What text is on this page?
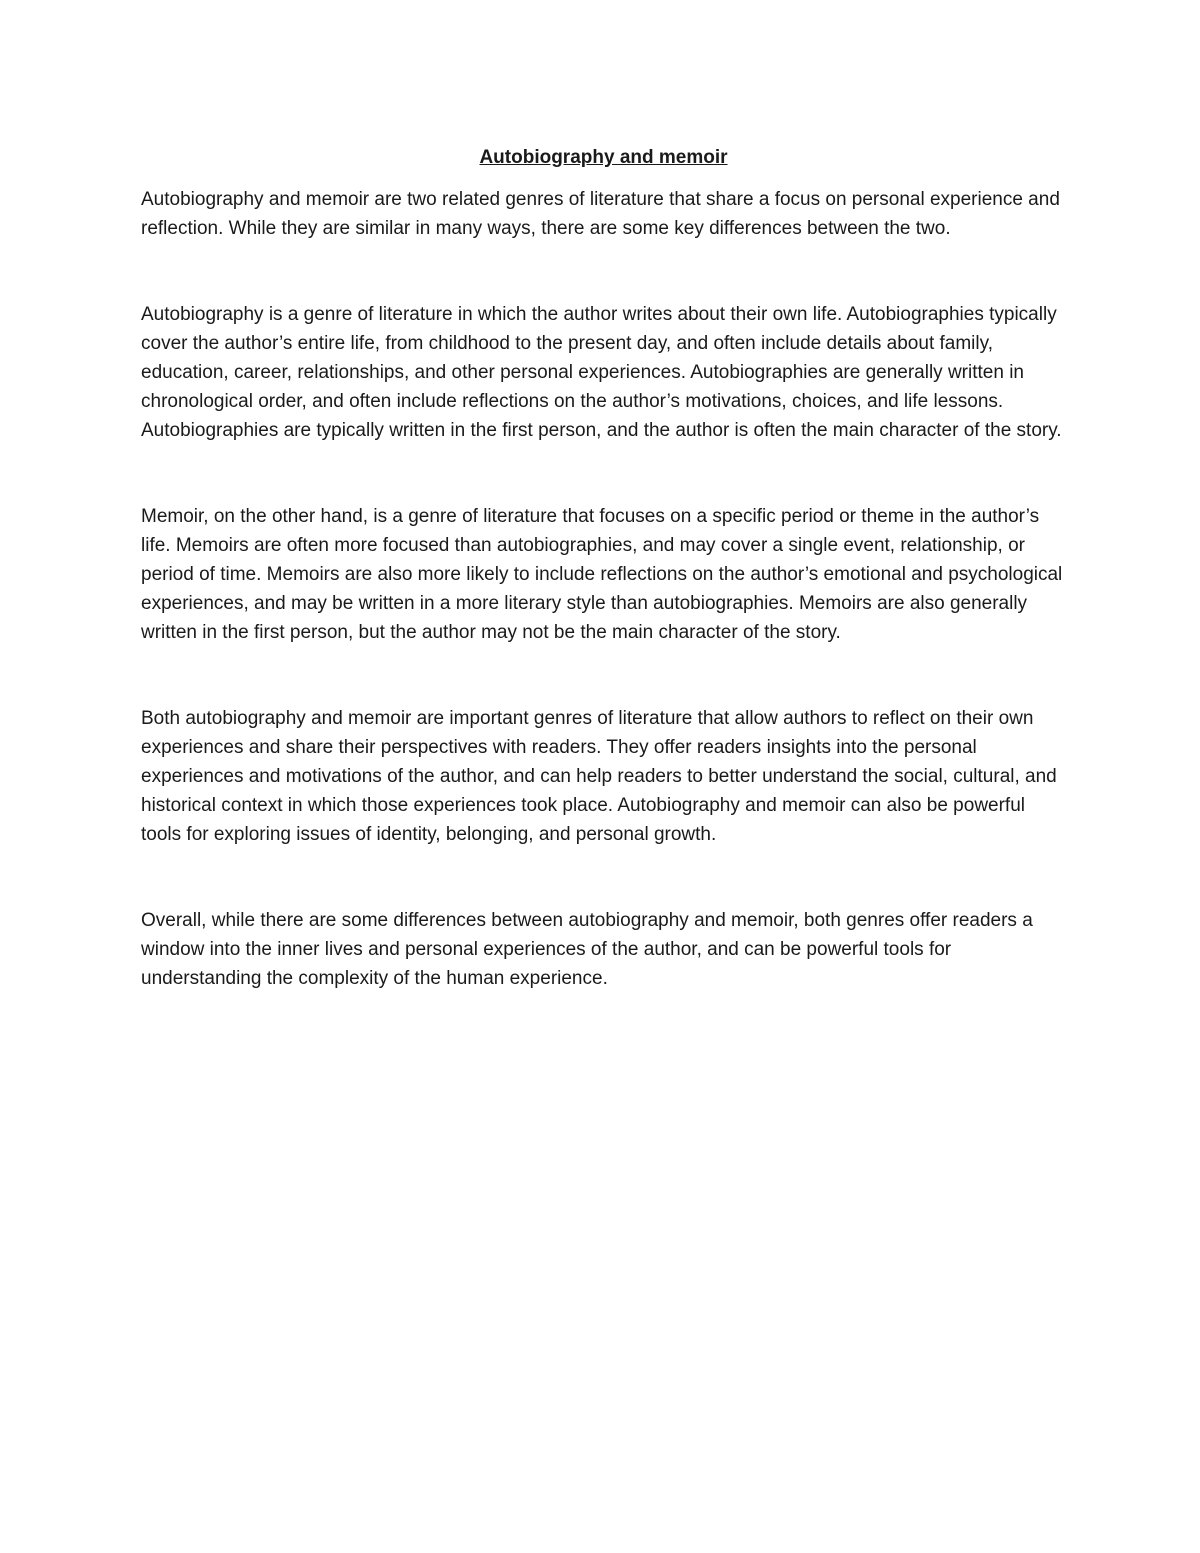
Autobiography and memoir

Autobiography and memoir are two related genres of literature that share a focus on personal experience and reflection. While they are similar in many ways, there are some key differences between the two.

Autobiography is a genre of literature in which the author writes about their own life. Autobiographies typically cover the author’s entire life, from childhood to the present day, and often include details about family, education, career, relationships, and other personal experiences. Autobiographies are generally written in chronological order, and often include reflections on the author’s motivations, choices, and life lessons. Autobiographies are typically written in the first person, and the author is often the main character of the story.

Memoir, on the other hand, is a genre of literature that focuses on a specific period or theme in the author’s life. Memoirs are often more focused than autobiographies, and may cover a single event, relationship, or period of time. Memoirs are also more likely to include reflections on the author’s emotional and psychological experiences, and may be written in a more literary style than autobiographies. Memoirs are also generally written in the first person, but the author may not be the main character of the story.

Both autobiography and memoir are important genres of literature that allow authors to reflect on their own experiences and share their perspectives with readers. They offer readers insights into the personal experiences and motivations of the author, and can help readers to better understand the social, cultural, and historical context in which those experiences took place. Autobiography and memoir can also be powerful tools for exploring issues of identity, belonging, and personal growth.

Overall, while there are some differences between autobiography and memoir, both genres offer readers a window into the inner lives and personal experiences of the author, and can be powerful tools for understanding the complexity of the human experience.
